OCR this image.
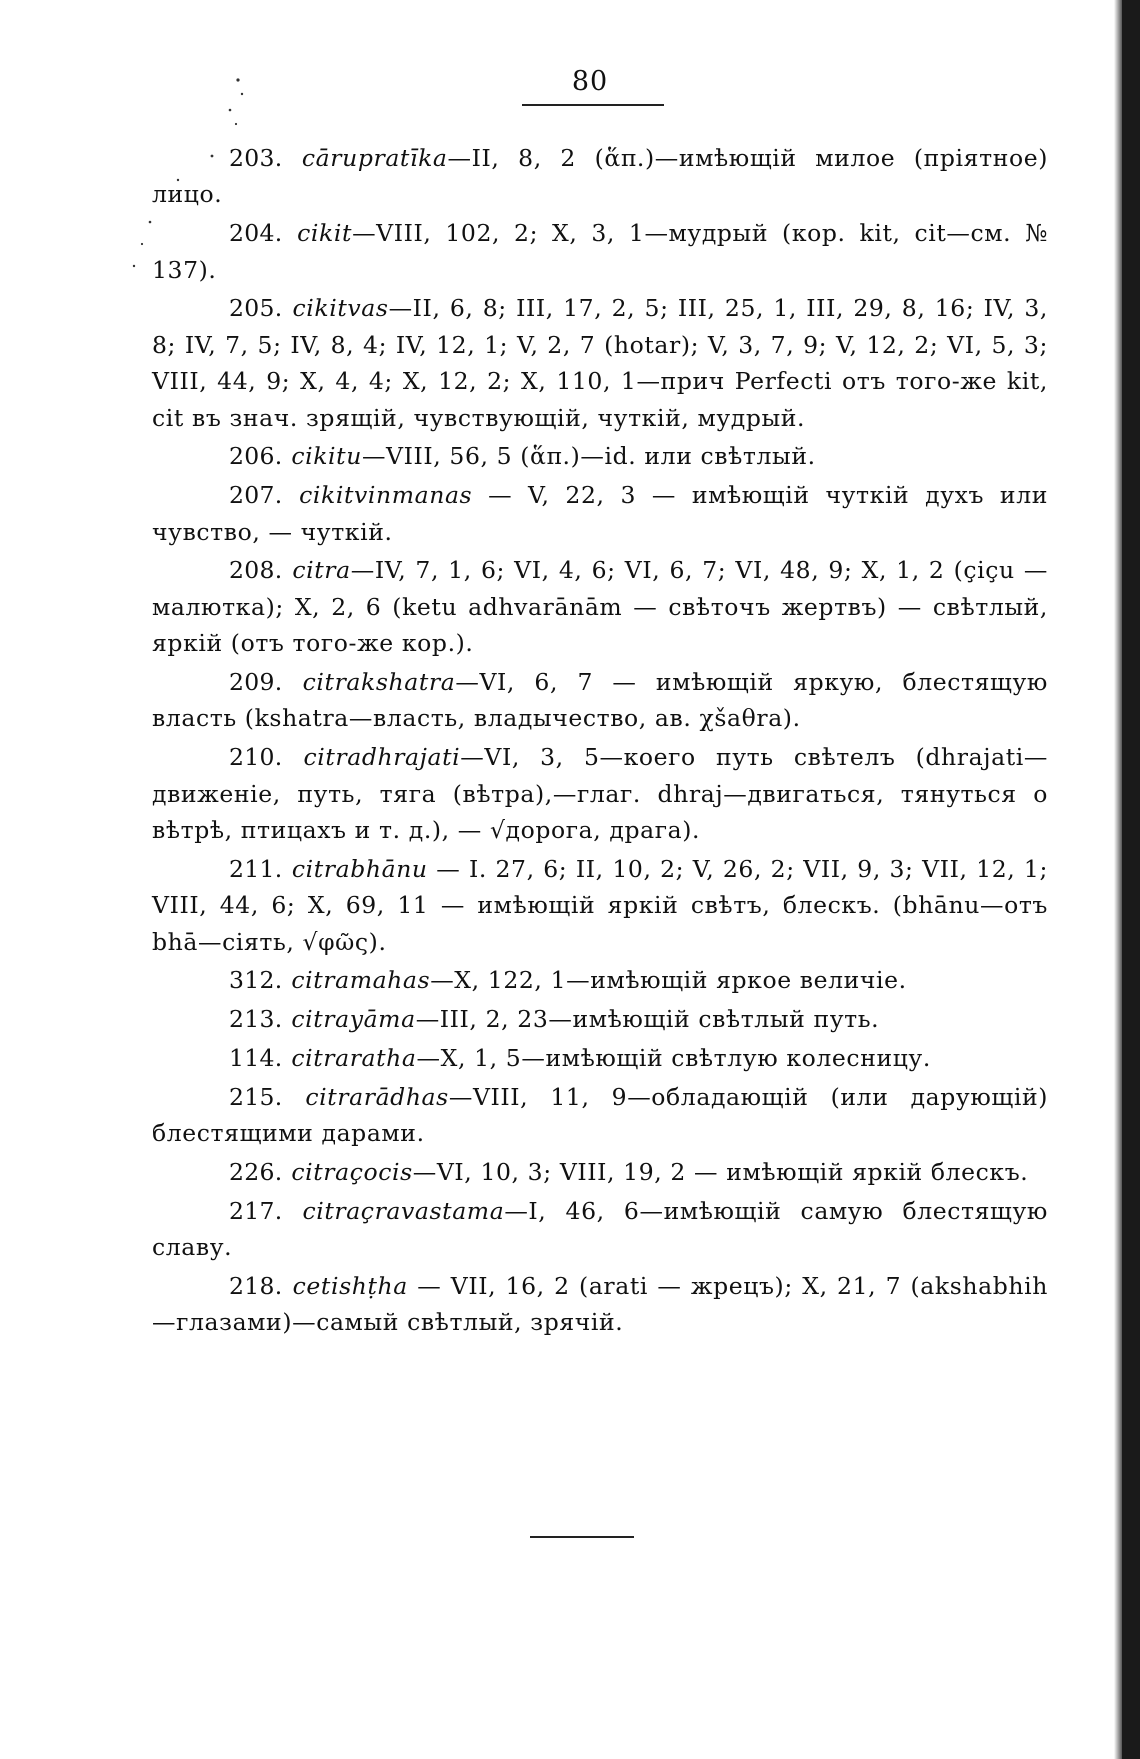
80

203. cārupratīka—II, 8, 2 (ἅπ.)—имѣющій милое (пріятное) лицо.

204. cikit—VIII, 102, 2; X, 3, 1—мудрый (кор. kit, cit—см. № 137).

205. cikitvas—II, 6, 8; III, 17, 2, 5; III, 25, 1, III, 29, 8, 16; IV, 3, 8; IV, 7, 5; IV, 8, 4; IV, 12, 1; V, 2, 7 (hotar); V, 3, 7, 9; V, 12, 2; VI, 5, 3; VIII, 44, 9; X, 4, 4; X, 12, 2; X, 110, 1—прич Perfecti отъ того-же kit, cit въ знач. зрящій, чувствующій, чуткій, мудрый.

206. cikitu—VIII, 56, 5 (ἅπ.)—id. или свѣтлый.

207. cikitvinmanas — V, 22, 3 — имѣющій чуткій духъ или чувство, — чуткій.

208. citra—IV, 7, 1, 6; VI, 4, 6; VI, 6, 7; VI, 48, 9; X, 1, 2 (çiçu — малютка); X, 2, 6 (ketu adhvarānām — свѣточъ жертвъ) — свѣтлый, яркій (отъ того-же кор.).

209. citrakshatra—VI, 6, 7 — имѣющій яркую, блестящую власть (kshatra—власть, владычество, ав. χšaθra).

210. citradhrajati—VI, 3, 5—коего путь свѣтелъ (dhrajati—движеніе, путь, тяга (вѣтра),—глаг. dhraj—двигаться, тянуться о вѣтрѣ, птицахъ и т. д.), — √дорога, драга).

211. citrabhānu — I. 27, 6; II, 10, 2; V, 26, 2; VII, 9, 3; VII, 12, 1; VIII, 44, 6; X, 69, 11 — имѣющій яркій свѣтъ, блескъ. (bhānu—отъ bhā—сіять, √φῶς).

312. citramahas—X, 122, 1—имѣющій яркое величіе.

213. citrayāma—III, 2, 23—имѣющій свѣтлый путь.

114. citraratha—X, 1, 5—имѣющій свѣтлую колесницу.

215. citrarādhas—VIII, 11, 9—обладающій (или дарующій) блестящими дарами.

226. citraçocis—VI, 10, 3; VIII, 19, 2 — имѣющій яркій блескъ.

217. citraçravastama—I, 46, 6—имѣющій самую блестящую славу.

218. cetishṭha — VII, 16, 2 (arati — жрецъ); X, 21, 7 (akshabhih—глазами)—самый свѣтлый, зрячій.
